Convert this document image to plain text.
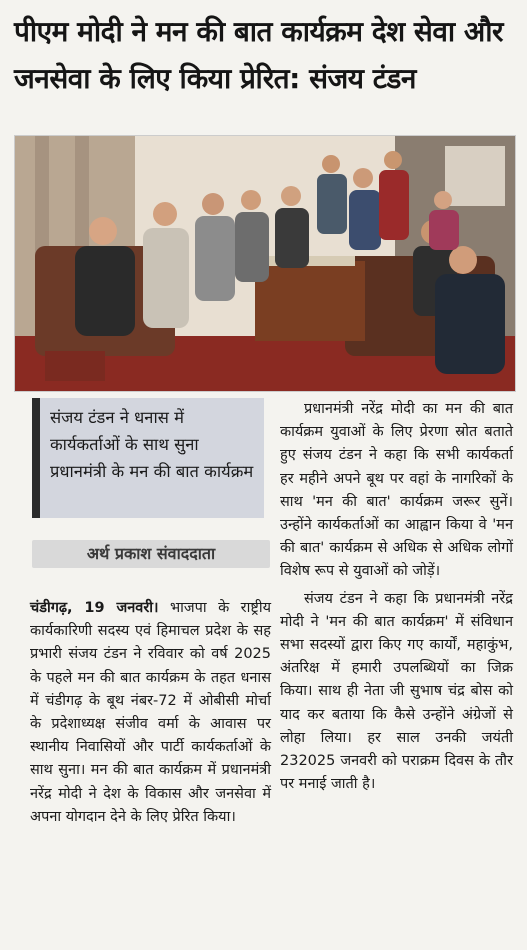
पीएम मोदी ने मन की बात कार्यक्रम देश सेवा और जनसेवा के लिए किया प्रेरित: संजय टंडन
संजय टंडन ने धनास में कार्यकर्ताओं के साथ सुना प्रधानमंत्री के मन की बात कार्यक्रम
अर्थ प्रकाश संवाददाता

चंडीगढ़, 19 जनवरी। भाजपा के राष्ट्रीय कार्यकारिणी सदस्य एवं हिमाचल प्रदेश के सह प्रभारी संजय टंडन ने रविवार को वर्ष 2025 के पहले मन की बात कार्यक्रम के तहत धनास में चंडीगढ़ के बूथ नंबर-72 में ओबीसी मोर्चा के प्रदेशाध्यक्ष संजीव वर्मा के आवास पर स्थानीय निवासियों और पार्टी कार्यकर्ताओं के साथ सुना। मन की बात कार्यक्रम में प्रधानमंत्री नरेंद्र मोदी ने देश के विकास और जनसेवा में अपना योगदान देने के लिए प्रेरित किया।

प्रधानमंत्री नरेंद्र मोदी का मन की बात कार्यक्रम युवाओं के लिए प्रेरणा स्रोत बताते हुए संजय टंडन ने कहा कि सभी कार्यकर्ता हर महीने अपने बूथ पर वहां के नागरिकों के साथ 'मन की बात' कार्यक्रम जरूर सुनें। उन्होंने कार्यकर्ताओं का आह्वान किया वे 'मन की बात' कार्यक्रम से अधिक से अधिक लोगों विशेष रूप से युवाओं को जोड़ें।

संजय टंडन ने कहा कि प्रधानमंत्री नरेंद्र मोदी ने 'मन की बात कार्यक्रम' में संविधान सभा सदस्यों द्वारा किए गए कार्यों, महाकुंभ, अंतरिक्ष में हमारी उपलब्धियों का जिक्र किया। साथ ही नेता जी सुभाष चंद्र बोस को याद कर बताया कि कैसे उन्होंने अंग्रेजों से लोहा लिया। हर साल उनकी जयंती 232025 जनवरी को पराक्रम दिवस के तौर पर मनाई जाती है।
